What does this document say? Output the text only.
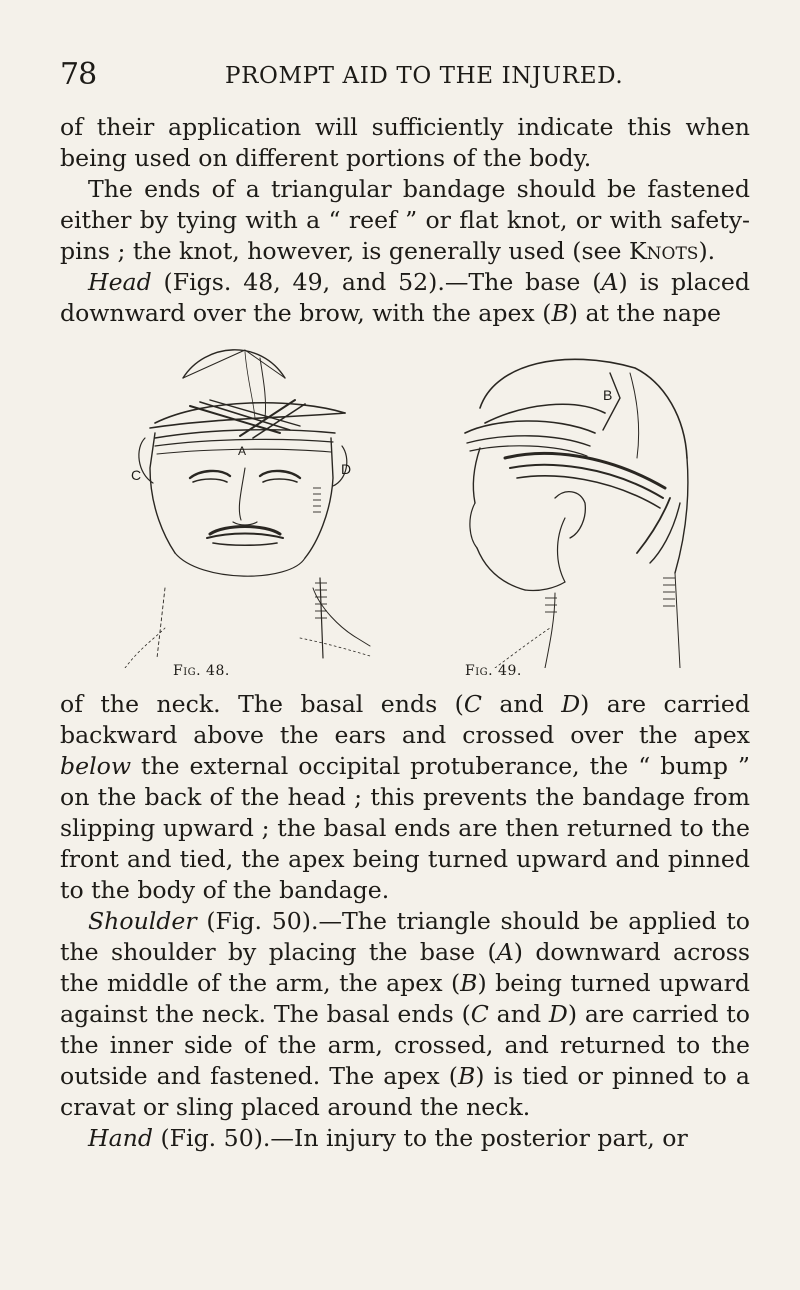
78	PROMPT AID TO THE INJURED.

of their application will sufficiently indicate this when being used on different portions of the body.

The ends of a triangular bandage should be fastened either by tying with a “ reef ” or flat knot, or with safety-pins ; the knot, however, is generally used (see Knots).

Head (Figs. 48, 49, and 52).—The base (A) is placed downward over the brow, with the apex (B) at the nape

C	D
A
Fig. 48.
B
Fig. 49.

of the neck. The basal ends (C and D) are carried backward above the ears and crossed over the apex below the external occipital protuberance, the “ bump ” on the back of the head ; this prevents the bandage from slipping upward ; the basal ends are then returned to the front and tied, the apex being turned upward and pinned to the body of the bandage.

Shoulder (Fig. 50).—The triangle should be applied to the shoulder by placing the base (A) downward across the middle of the arm, the apex (B) being turned upward against the neck. The basal ends (C and D) are carried to the inner side of the arm, crossed, and returned to the outside and fastened. The apex (B) is tied or pinned to a cravat or sling placed around the neck.

Hand (Fig. 50).—In injury to the posterior part, or
